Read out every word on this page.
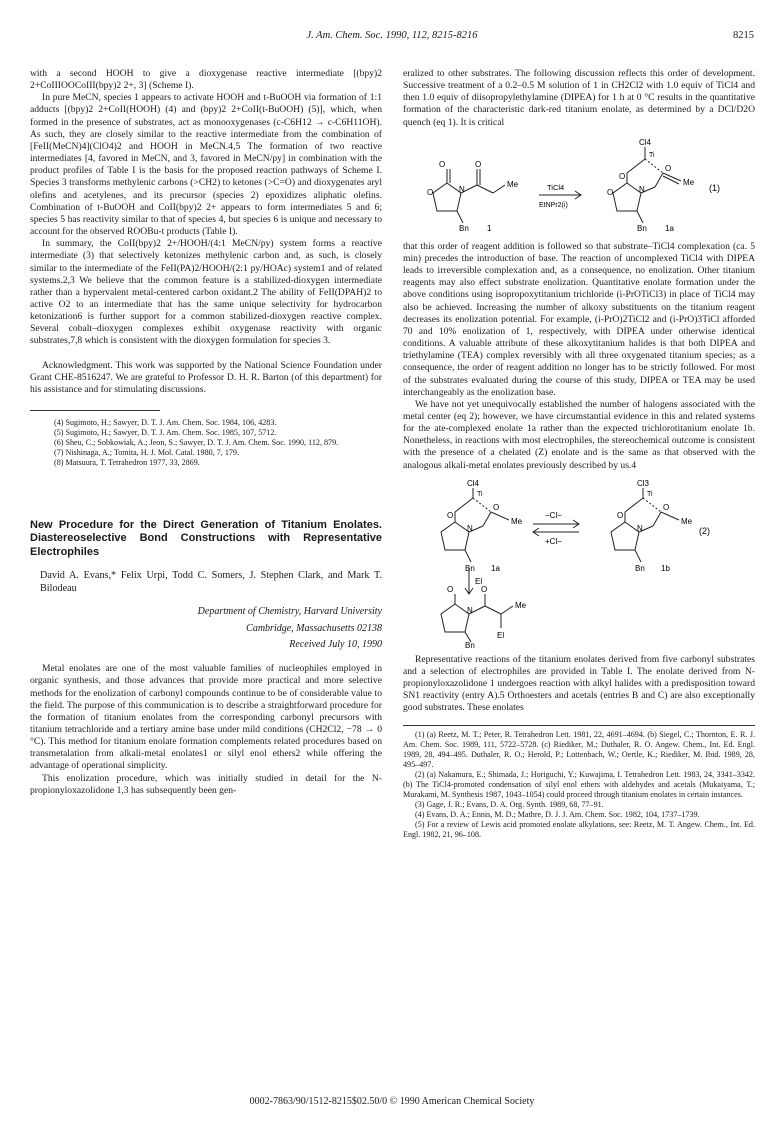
J. Am. Chem. Soc. 1990, 112, 8215-8216	8215

with a second HOOH to give a dioxygenase reactive intermediate [(bpy)2 2+CoIIIOOCoIII(bpy)2 2+, 3] (Scheme I).

In pure MeCN, species 1 appears to activate HOOH and t-BuOOH via formation of 1:1 adducts [(bpy)2 2+CoII(HOOH) (4) and (bpy)2 2+CoII(t-BuOOH) (5)], which, when formed in the presence of substrates, act as monooxygenases (c-C6H12 → c-C6H11OH). As such, they are closely similar to the reactive intermediate from the combination of [FeII(MeCN)4](ClO4)2 and HOOH in MeCN.4,5 The formation of two reactive intermediates [4, favored in MeCN, and 3, favored in MeCN/py] in combination with the product profiles of Table I is the basis for the proposed reaction pathways of Scheme I. Species 3 transforms methylenic carbons (>CH2) to ketones (>C=O) and dioxygenates aryl olefins and acetylenes, and its precursor (species 2) epoxidizes aliphatic olefins. Combination of t-BuOOH and CoII(bpy)2 2+ appears to form intermediates 5 and 6; species 5 has reactivity similar to that of species 4, but species 6 is unique and necessary to account for the observed ROOBu-t products (Table I).

In summary, the CoII(bpy)2 2+/HOOH/(4:1 MeCN/py) system forms a reactive intermediate (3) that selectively ketonizes methylenic carbon and, as such, is closely similar to the intermediate of the FeII(PA)2/HOOH/(2:1 py/HOAc) system1 and of related systems.2,3 We believe that the common feature is a stabilized-dioxygen intermediate rather than a hypervalent metal-centered carbon oxidant.2 The ability of FeII(DPAH)2 to active O2 to an intermediate that has the same unique selectivity for hydrocarbon ketonization6 is further support for a common stabilized-dioxygen reactive complex. Several cobalt–dioxygen complexes exhibit oxygenase reactivity with organic substrates,7,8 which is consistent with the dioxygen formulation for species 3.

Acknowledgment. This work was supported by the National Science Foundation under Grant CHE-8516247. We are grateful to Professor D. H. R. Barton (of this department) for his assistance and for stimulating discussions.

(4) Sugimoto, H.; Sawyer, D. T. J. Am. Chem. Soc. 1984, 106, 4283.

(5) Sugimoto, H.; Sawyer, D. T. J. Am. Chem. Soc. 1985, 107, 5712.

(6) Sheu, C.; Sobkowiak, A.; Jeon, S.; Sawyer, D. T. J. Am. Chem. Soc. 1990, 112, 879.

(7) Nishinaga, A.; Tomita, H. J. Mol. Catal. 1980, 7, 179.

(8) Matsuura, T. Tetrahedron 1977, 33, 2869.

New Procedure for the Direct Generation of Titanium Enolates. Diastereoselective Bond Constructions with Representative Electrophiles
David A. Evans,* Felix Urpi, Todd C. Somers, J. Stephen Clark, and Mark T. Bilodeau
Department of Chemistry, Harvard University
Cambridge, Massachusetts 02138
Received July 10, 1990

Metal enolates are one of the most valuable families of nucleophiles employed in organic synthesis, and those advances that provide more practical and more selective methods for the enolization of carbonyl compounds continue to be of considerable value to the field. The purpose of this communication is to describe a straightforward procedure for the formation of titanium enolates from the corresponding carbonyl precursors with titanium tetrachloride and a tertiary amine base under mild conditions (CH2Cl2, −78 → 0 °C). This method for titanium enolate formation complements related procedures based on transmetalation from alkali-metal enolates1 or silyl enol ethers2 while offering the advantage of operational simplicity.

This enolization procedure, which was initially studied in detail for the N-propionyloxazolidone 1,3 has subsequently been gen-

eralized to other substrates. The following discussion reflects this order of development. Successive treatment of a 0.2–0.5 M solution of 1 in CH2Cl2 with 1.0 equiv of TiCl4 and then 1.0 equiv of diisopropylethylamine (DIPEA) for 1 h at 0 °C results in the quantitative formation of the characteristic dark-red titanium enolate, as determined by a DCl/D2O quench (eq 1). It is critical

O	O
O	N
Me
Bn 1
TiCl4
EtNPr2(i)
Cl4
Ti
O
O
O	N
Me
Bn 1a
(1)

that this order of reagent addition is followed so that substrate–TiCl4 complexation (ca. 5 min) precedes the introduction of base. The reaction of uncomplexed TiCl4 with DIPEA leads to irreversible complexation and, as a consequence, no enolization. Other titanium reagents may also effect substrate enolization. Quantitative enolate formation under the above conditions using isopropoxytitanium trichloride (i-PrOTiCl3) in place of TiCl4 may also be achieved. Increasing the number of alkoxy substituents on the titanium reagent decreases its enolization potential. For example, (i-PrO)2TiCl2 and (i-PrO)3TiCl afforded 70 and 10% enolization of 1, respectively, with DIPEA under otherwise identical conditions. A valuable attribute of these alkoxytitanium halides is that both DIPEA and triethylamine (TEA) complex reversibly with all three oxygenated titanium species; as a consequence, the order of reagent addition no longer has to be strictly followed. For most of the substrates evaluated during the course of this study, DIPEA or TEA may be used interchangeably as the enolization base.

We have not yet unequivocally established the number of halogens associated with the metal center (eq 2); however, we have circumstantial evidence in this and related systems for the ate-complexed enolate 1a rather than the expected trichlorotitanium enolate 1b. Nonetheless, in reactions with most electrophiles, the stereochemical outcome is consistent with the presence of a chelated (Z) enolate and is the same as that observed with the analogous alkali-metal enolates previously described by us.4

Cl4
Ti
O
O
N
Me
Bn 1a
−Cl−
+Cl−
Cl3
Ti
O
O
N
Me
Bn 1b
(2)
El
O
O
N
Me
El
Bn

Representative reactions of the titanium enolates derived from five carbonyl substrates and a selection of electrophiles are provided in Table I. The enolate derived from N-propionyloxazolidone 1 undergoes reaction with alkyl halides with a predisposition toward SN1 reactivity (entry A).5 Orthoesters and acetals (entries B and C) are also exceptionally good substrates. These enolates

(1) (a) Reetz, M. T.; Peter, R. Tetrahedron Lett. 1981, 22, 4691–4694. (b) Siegel, C.; Thornton, E. R. J. Am. Chem. Soc. 1989, 111, 5722–5728. (c) Riediker, M.; Duthaler, R. O. Angew. Chem., Int. Ed. Engl. 1989, 28, 494–495. Duthaler, R. O.; Herold, P.; Lottenbach, W.; Oertle, K.; Riediker, M. Ibid. 1989, 28, 495–497.

(2) (a) Nakamura, E.; Shimada, J.; Horiguchi, Y.; Kuwajima, I. Tetrahedron Lett. 1983, 24, 3341–3342. (b) The TiCl4-promoted condensation of silyl enol ethers with aldehydes and acetals (Mukaiyama, T.; Murakami, M. Synthesis 1987, 1043–1054) could proceed through titanium enolates in certain instances.

(3) Gage, J. R.; Evans, D. A. Org. Synth. 1989, 68, 77–91.

(4) Evans, D. A.; Ennis, M. D.; Mathre, D. J. J. Am. Chem. Soc. 1982, 104, 1737–1739.

(5) For a review of Lewis acid promoted enolate alkylations, see: Reetz, M. T. Angew. Chem., Int. Ed. Engl. 1982, 21, 96–108.

0002-7863/90/1512-8215$02.50/0 © 1990 American Chemical Society
